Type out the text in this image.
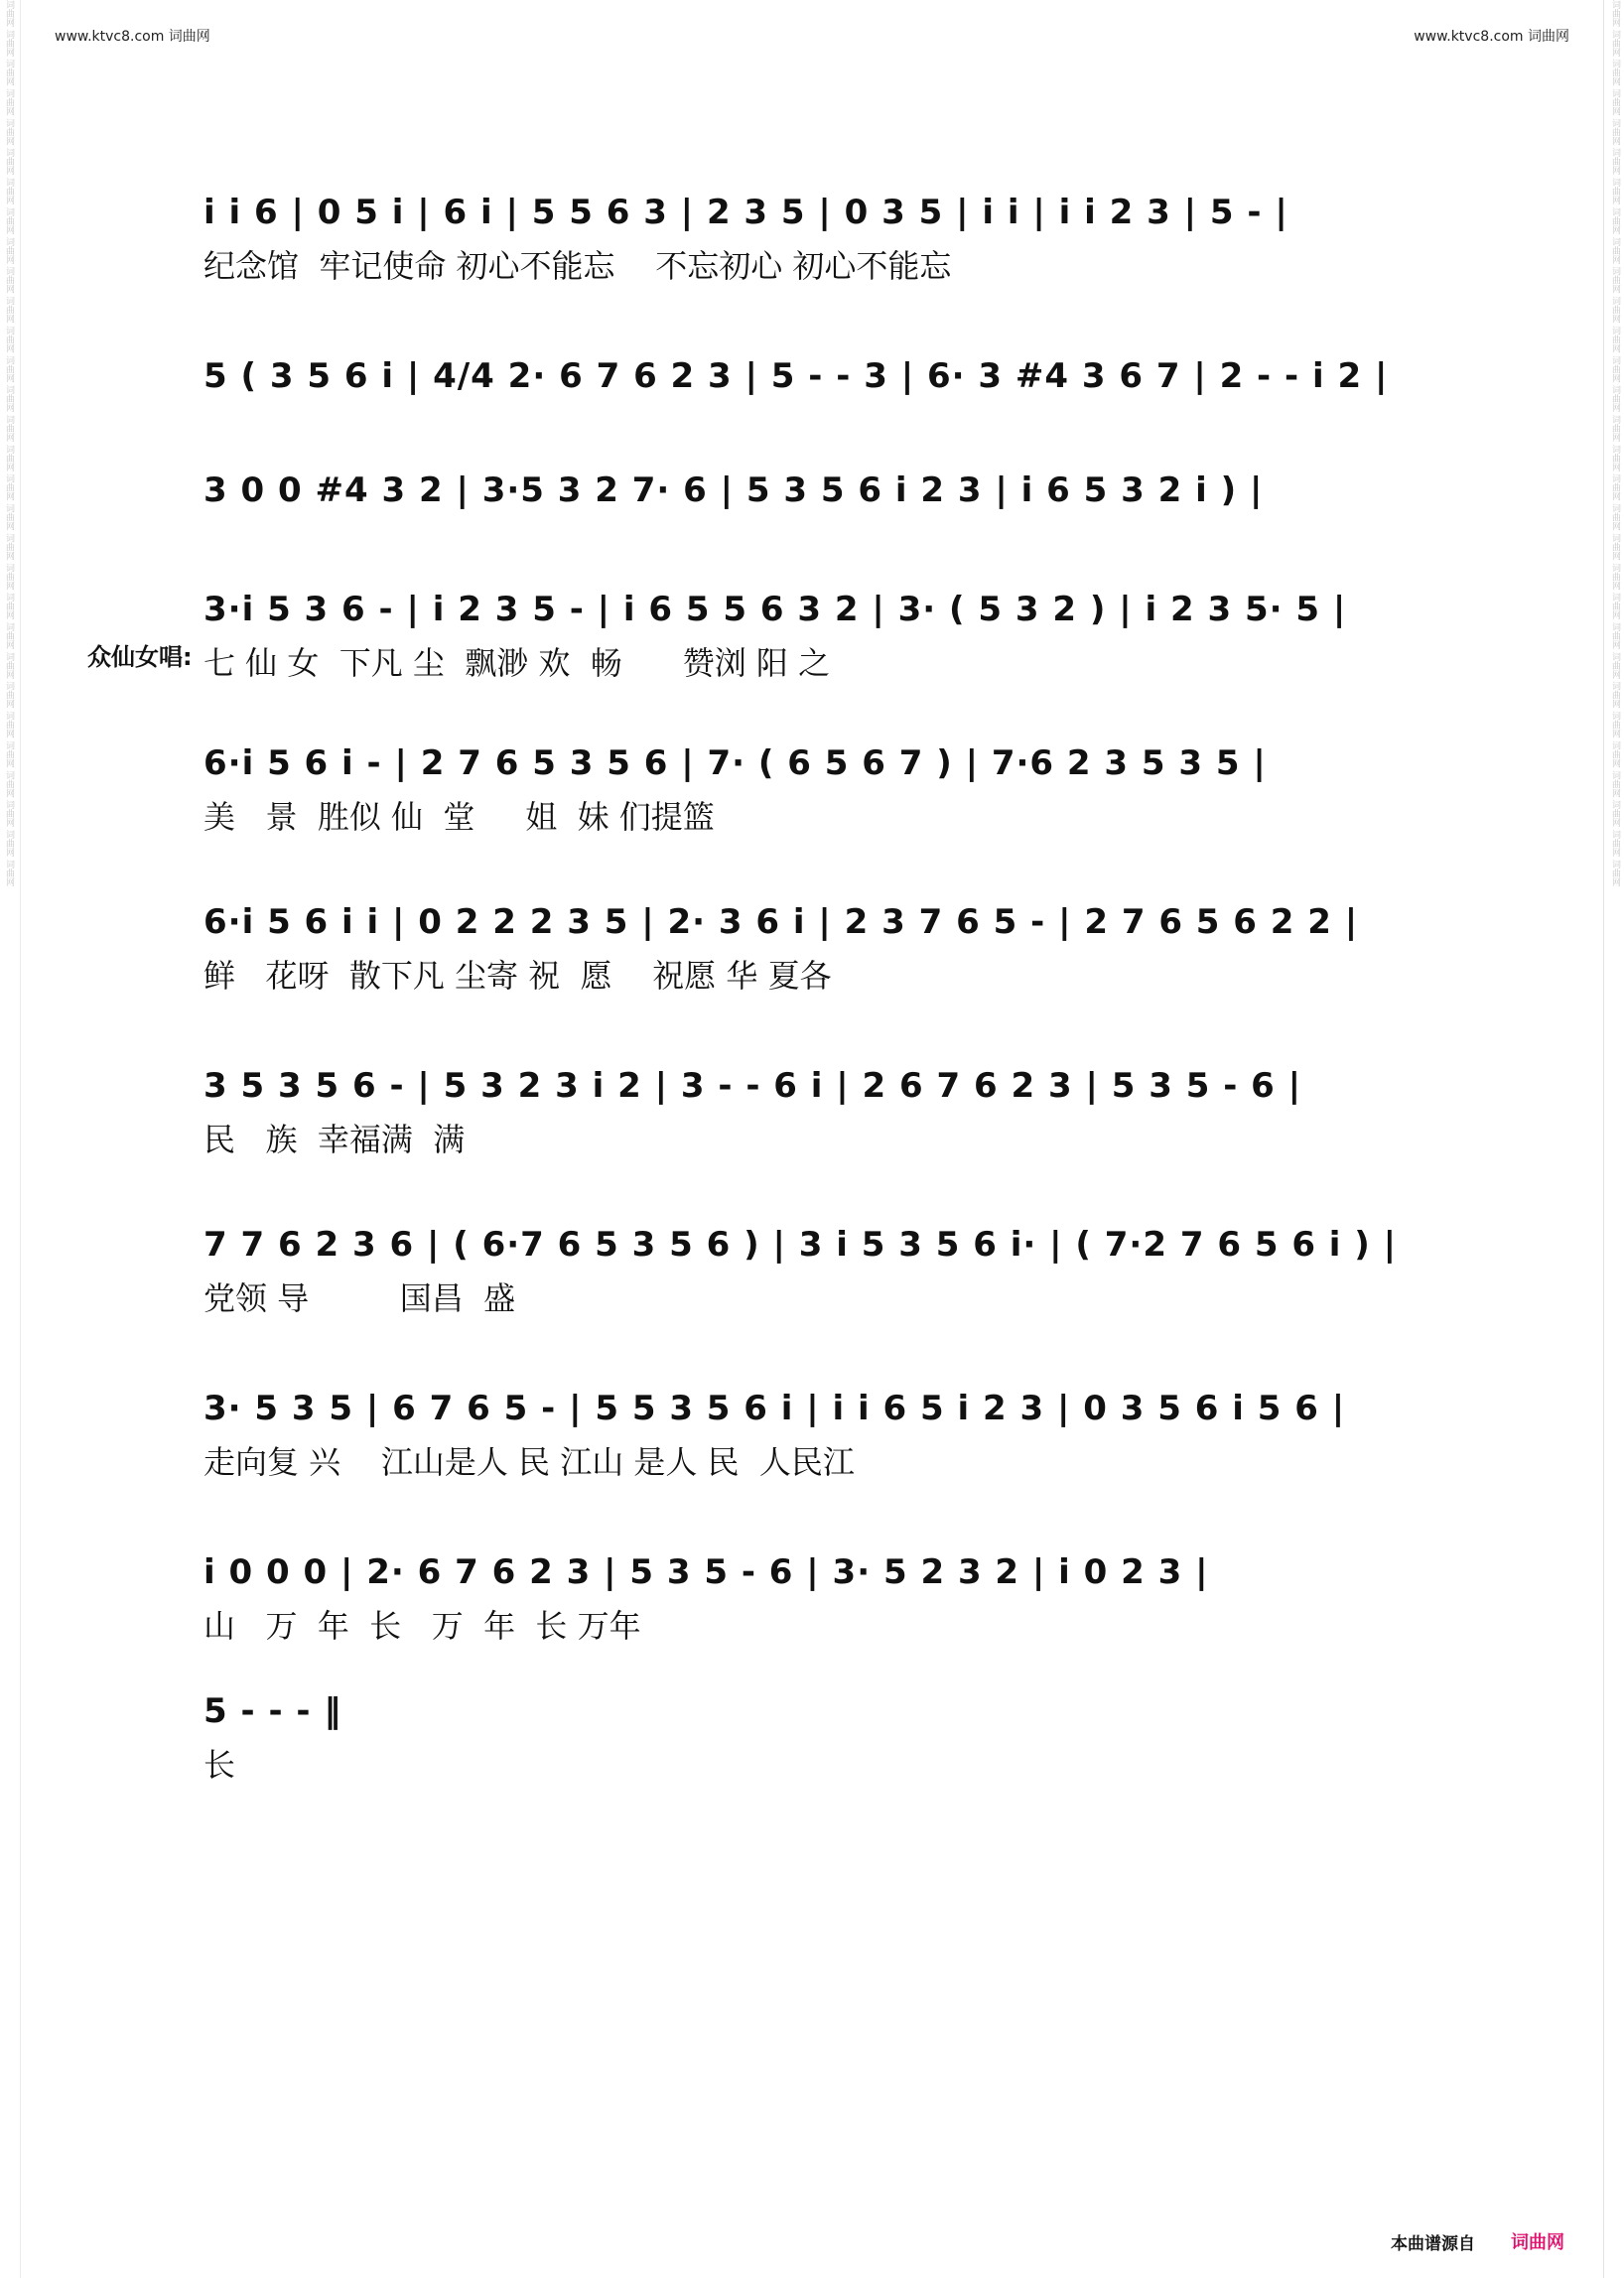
词曲网 词曲网 词曲网 词曲网 词曲网 词曲网 词曲网 词曲网 词曲网 词曲网 词曲网 词曲网 词曲网 词曲网 词曲网 词曲网 词曲网 词曲网 词曲网 词曲网 词曲网 词曲网 词曲网 词曲网 词曲网 词曲网 词曲网 词曲网 词曲网 词曲网	词曲网 词曲网 词曲网 词曲网 词曲网 词曲网 词曲网 词曲网 词曲网 词曲网 词曲网 词曲网 词曲网 词曲网 词曲网 词曲网 词曲网 词曲网 词曲网 词曲网 词曲网 词曲网 词曲网 词曲网 词曲网 词曲网 词曲网 词曲网 词曲网 词曲网
www.ktvc8.com 词曲网	www.ktvc8.com 词曲网
众仙女唱:
i i 6 | 0 5 i | 6 i | 5 5 6 3 | 2 3 5 | 0 3 5 | i i | i i 2 3 | 5 - |
纪念馆  牢记使命 初心不能忘    不忘初心 初心不能忘
5 ( 3 5 6 i | 4/4 2· 6 7 6 2 3 | 5 - - 3 | 6· 3 #4 3 6 7 | 2 - - i 2 |
3 0 0 #4 3 2 | 3·5 3 2 7· 6 | 5 3 5 6 i 2 3 | i 6 5 3 2 i ) |
3·i 5 3 6 - | i 2 3 5 - | i 6 5 5 6 3 2 | 3· ( 5 3 2 ) | i 2 3 5· 5 |
七 仙 女  下凡 尘  飘渺 欢  畅      赞浏 阳 之
6·i 5 6 i - | 2 7 6 5 3 5 6 | 7· ( 6 5 6 7 ) | 7·6 2 3 5 3 5 |
美   景  胜似 仙  堂     姐  妹 们提篮
6·i 5 6 i i | 0 2 2 2 3 5 | 2· 3 6 i | 2 3 7 6 5 - | 2 7 6 5 6 2 2 |
鲜   花呀  散下凡 尘寄 祝  愿    祝愿 华 夏各
3 5 3 5 6 - | 5 3 2 3 i 2 | 3 - - 6 i | 2 6 7 6 2 3 | 5 3 5 - 6 |
民   族  幸福满  满
7 7 6 2 3 6 | ( 6·7 6 5 3 5 6 ) | 3 i 5 3 5 6 i· | ( 7·2 7 6 5 6 i ) |
党领 导         国昌  盛
3· 5 3 5 | 6 7 6 5 - | 5 5 3 5 6 i | i i 6 5 i 2 3 | 0 3 5 6 i 5 6 |
走向复 兴    江山是人 民 江山 是人 民  人民江
i 0 0 0 | 2· 6 7 6 2 3 | 5 3 5 - 6 | 3· 5 2 3 2 | i 0 2 3 |
山   万  年  长   万  年  长 万年
5 - - - ‖
长
本曲谱源自 词曲网
